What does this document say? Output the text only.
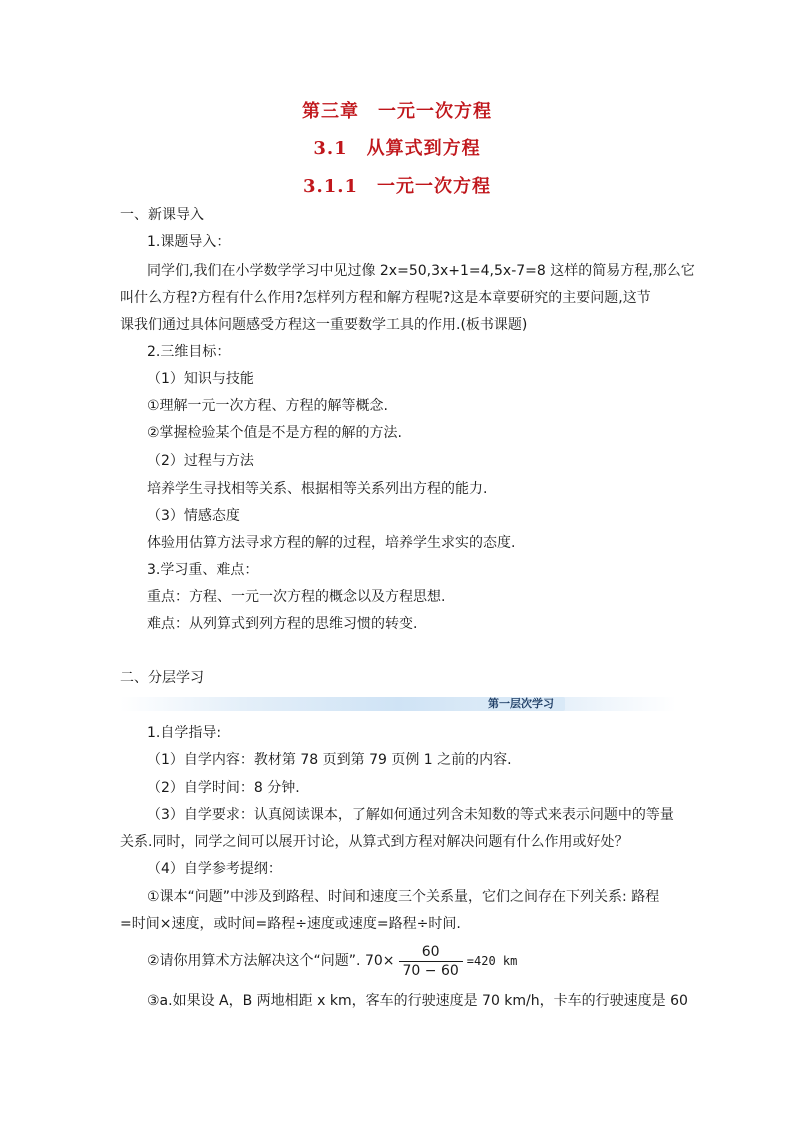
第三章　一元一次方程
3.1　从算式到方程
3.1.1　一元一次方程
一、新课导入
1.课题导入：
同学们,我们在小学数学学习中见过像 2x=50,3x+1=4,5x-7=8 这样的简易方程,那么它
叫什么方程?方程有什么作用?怎样列方程和解方程呢?这是本章要研究的主要问题,这节
课我们通过具体问题感受方程这一重要数学工具的作用.(板书课题)
2.三维目标：
（1）知识与技能
①理解一元一次方程、方程的解等概念.
②掌握检验某个值是不是方程的解的方法.
（2）过程与方法
培养学生寻找相等关系、根据相等关系列出方程的能力.
（3）情感态度
体验用估算方法寻求方程的解的过程，培养学生求实的态度.
3.学习重、难点：
重点：方程、一元一次方程的概念以及方程思想.
难点：从列算式到列方程的思维习惯的转变.
二、分层学习
第一层次学习
1.自学指导:
（1）自学内容：教材第 78 页到第 79 页例 1 之前的内容.
（2）自学时间：8 分钟.
（3）自学要求：认真阅读课本，了解如何通过列含未知数的等式来表示问题中的等量
关系.同时，同学之间可以展开讨论，从算式到方程对解决问题有什么作用或好处？
（4）自学参考提纲：
①课本“问题”中涉及到路程、时间和速度三个关系量，它们之间存在下列关系: 路程
=时间×速度，或时间=路程÷速度或速度=路程÷时间.
②请你用算术方法解决这个“问题”. $70\times \frac{60}{70 - 60} =420$ km
③a.如果设 A，B 两地相距 x km，客车的行驶速度是 70 km/h，卡车的行驶速度是 60
